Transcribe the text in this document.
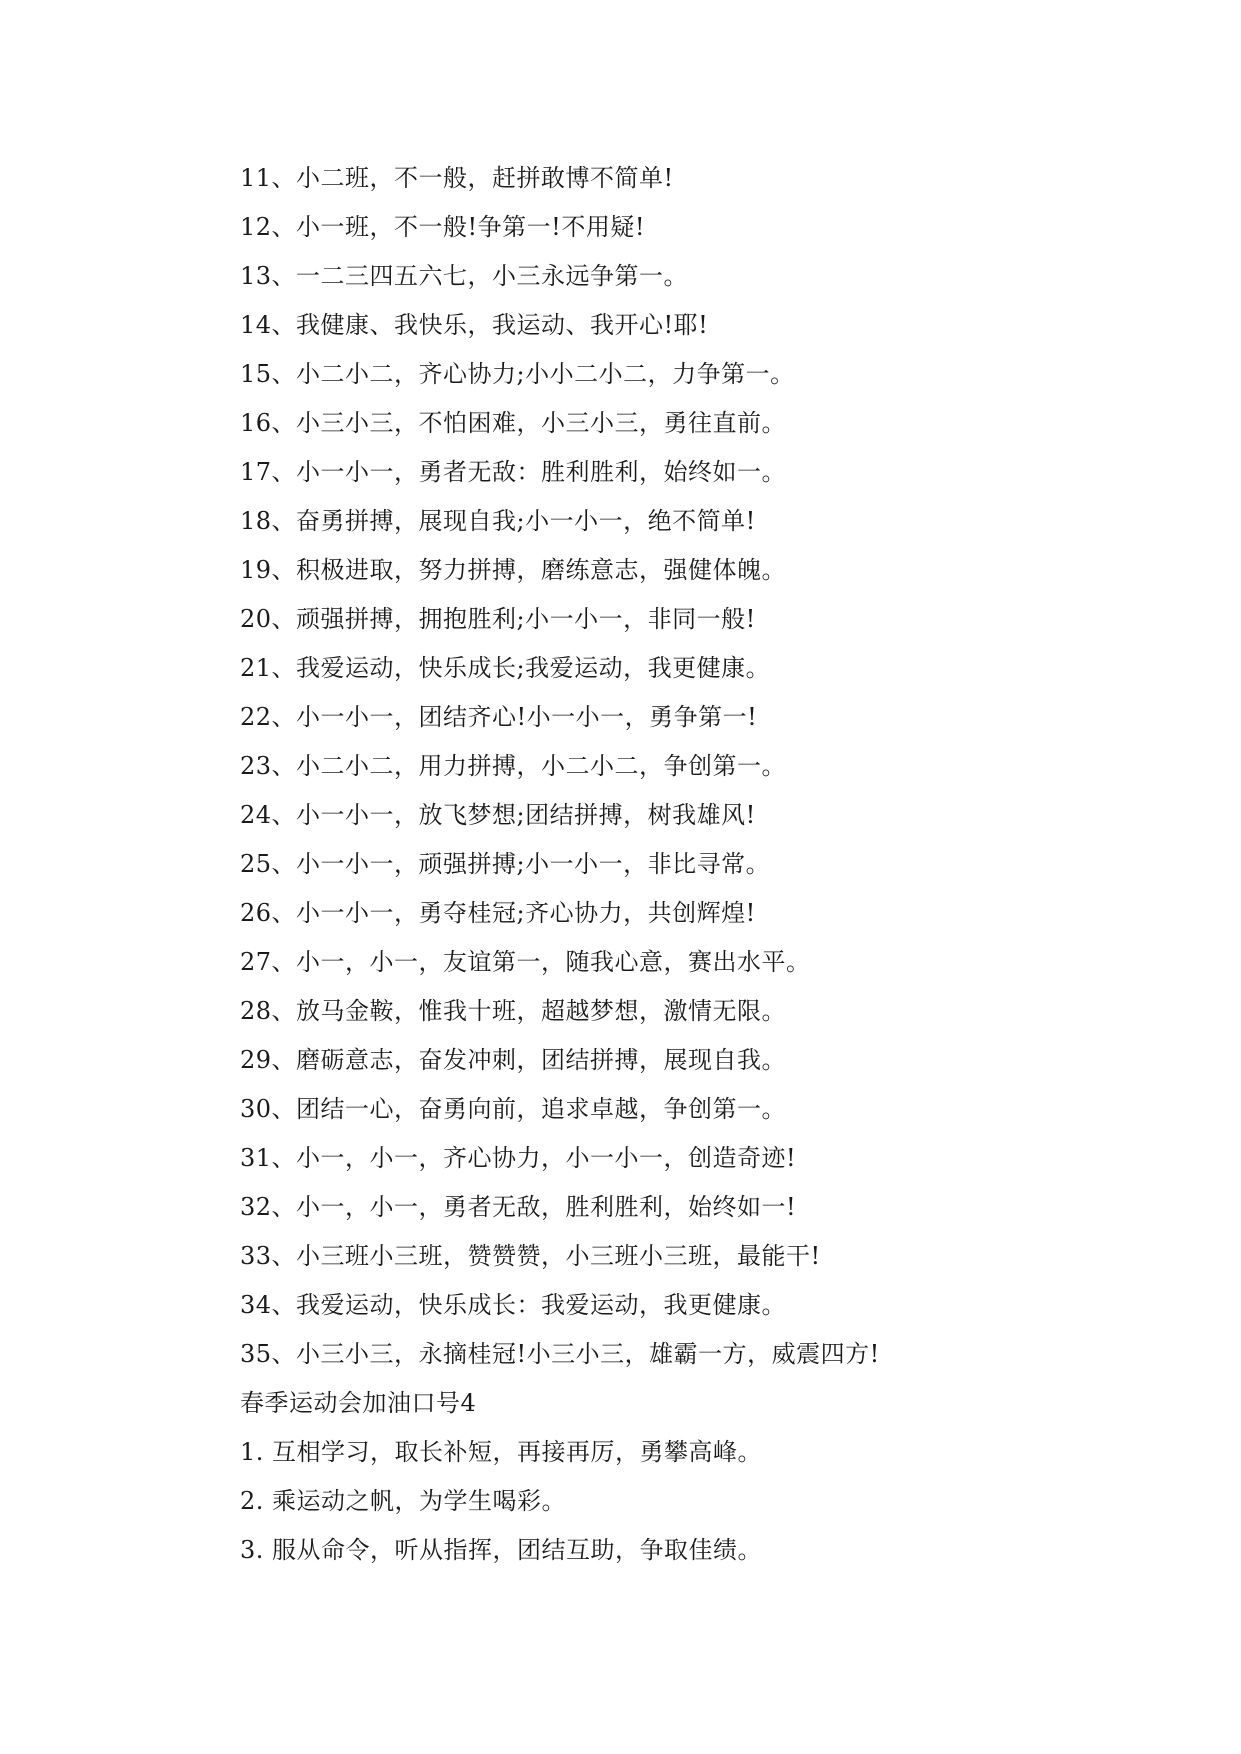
11、小二班，不一般，赶拼敢博不简单!
12、小一班，不一般!争第一!不用疑!
13、一二三四五六七，小三永远争第一。
14、我健康、我快乐，我运动、我开心!耶!
15、小二小二，齐心协力;小小二小二，力争第一。
16、小三小三，不怕困难，小三小三，勇往直前。
17、小一小一，勇者无敌：胜利胜利，始终如一。
18、奋勇拼搏，展现自我;小一小一，绝不简单!
19、积极进取，努力拼搏，磨练意志，强健体魄。
20、顽强拼搏，拥抱胜利;小一小一，非同一般!
21、我爱运动，快乐成长;我爱运动，我更健康。
22、小一小一，团结齐心!小一小一，勇争第一!
23、小二小二，用力拼搏，小二小二，争创第一。
24、小一小一，放飞梦想;团结拼搏，树我雄风!
25、小一小一，顽强拼搏;小一小一，非比寻常。
26、小一小一，勇夺桂冠;齐心协力，共创辉煌!
27、小一，小一，友谊第一，随我心意，赛出水平。
28、放马金鞍，惟我十班，超越梦想，激情无限。
29、磨砺意志，奋发冲刺，团结拼搏，展现自我。
30、团结一心，奋勇向前，追求卓越，争创第一。
31、小一，小一，齐心协力，小一小一，创造奇迹!
32、小一，小一，勇者无敌，胜利胜利，始终如一!
33、小三班小三班，赞赞赞，小三班小三班，最能干!
34、我爱运动，快乐成长：我爱运动，我更健康。
35、小三小三，永摘桂冠!小三小三，雄霸一方，威震四方!
春季运动会加油口号4
1. 互相学习，取长补短，再接再厉，勇攀高峰。
2. 乘运动之帆，为学生喝彩。
3. 服从命令，听从指挥，团结互助，争取佳绩。
